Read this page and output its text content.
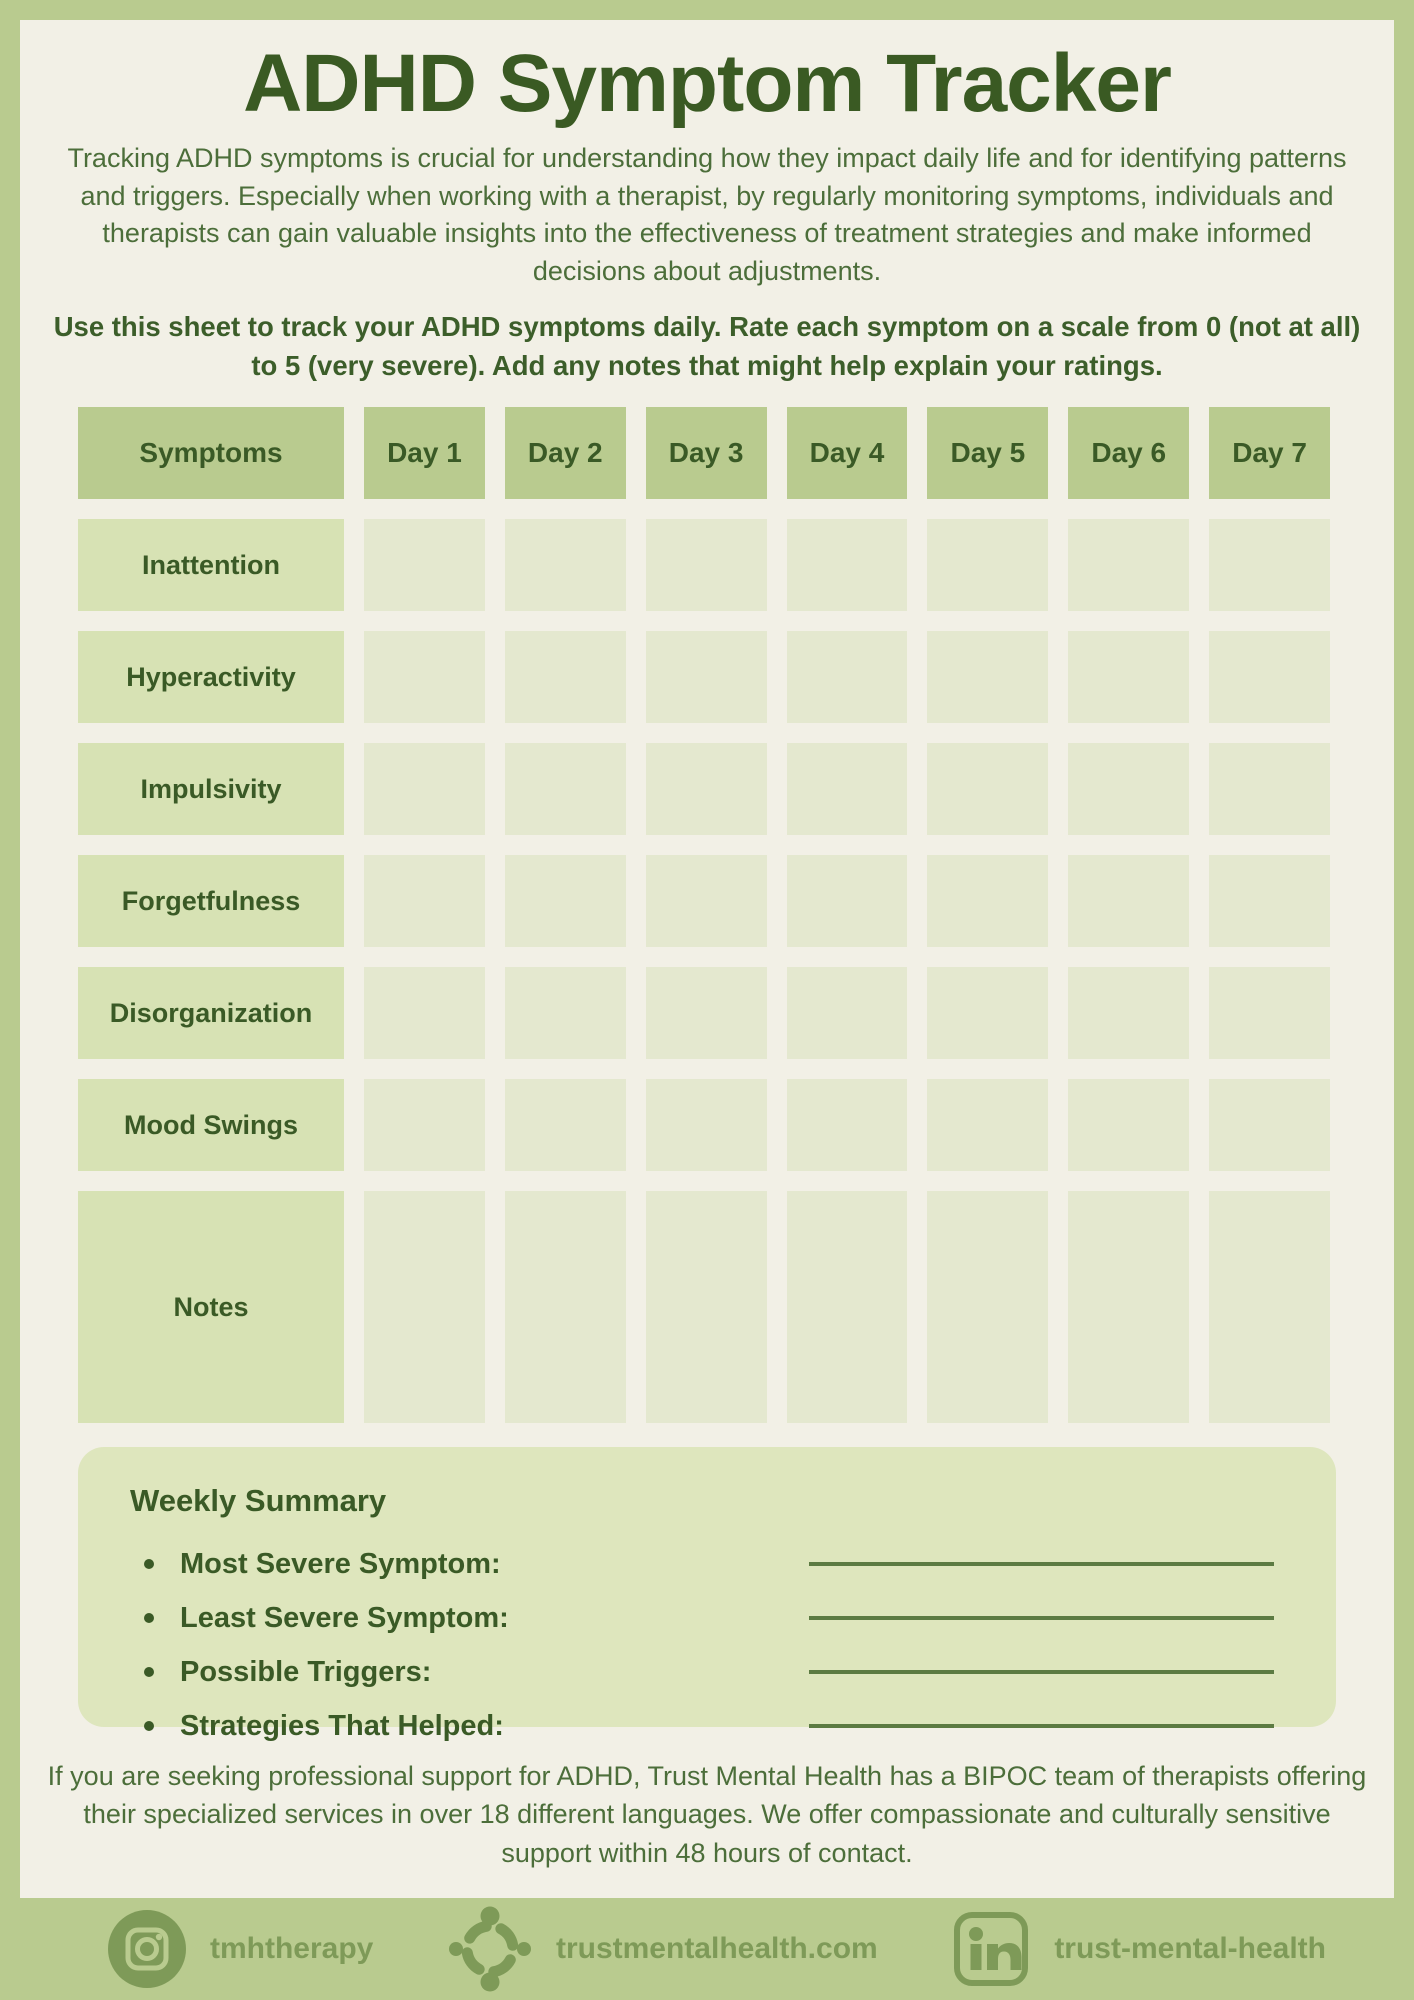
ADHD Symptom Tracker

Tracking ADHD symptoms is crucial for understanding how they impact daily life and for identifying patterns and triggers. Especially when working with a therapist, by regularly monitoring symptoms, individuals and therapists can gain valuable insights into the effectiveness of treatment strategies and make informed decisions about adjustments.

Use this sheet to track your ADHD symptoms daily. Rate each symptom on a scale from 0 (not at all) to 5 (very severe). Add any notes that might help explain your ratings.

Symptoms	Day 1	Day 2	Day 3	Day 4	Day 5	Day 6	Day 7
Inattention
Hyperactivity
Impulsivity
Forgetfulness
Disorganization
Mood Swings
Notes
Weekly Summary
Most Severe Symptom:
Least Severe Symptom:
Possible Triggers:
Strategies That Helped:

If you are seeking professional support for ADHD, Trust Mental Health has a BIPOC team of therapists offering their specialized services in over 18 different languages. We offer compassionate and culturally sensitive support within 48 hours of contact.

tmhtherapy	trustmentalhealth.com	trust-mental-health
